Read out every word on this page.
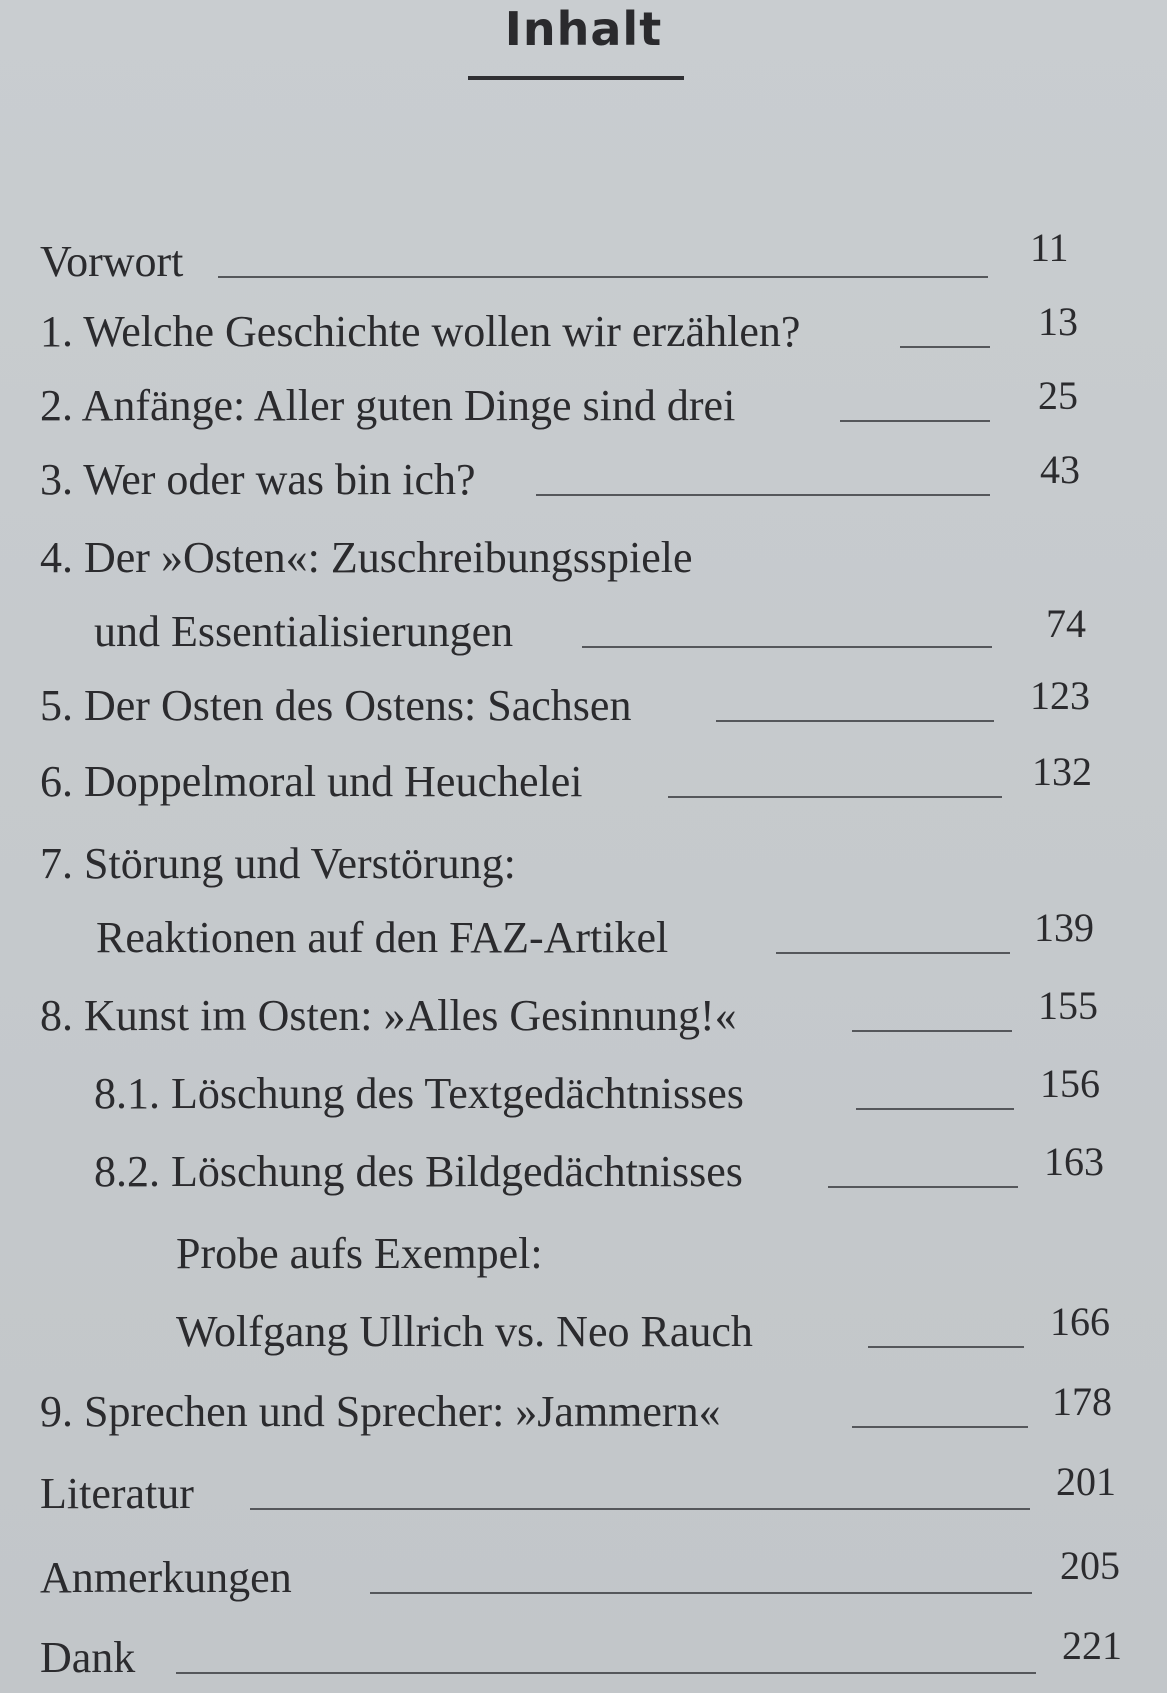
Inhalt
Vorwort	11
1. Welche Geschichte wollen wir erzählen?	13
2. Anfänge: Aller guten Dinge sind drei	25
3. Wer oder was bin ich?	43
4. Der »Osten«: Zuschreibungsspiele
und Essentialisierungen	74
5. Der Osten des Ostens: Sachsen	123
6. Doppelmoral und Heuchelei	132
7. Störung und Verstörung:
Reaktionen auf den FAZ-Artikel	139
8. Kunst im Osten: »Alles Gesinnung!«	155
8.1. Löschung des Textgedächtnisses	156
8.2. Löschung des Bildgedächtnisses	163
Probe aufs Exempel:
Wolfgang Ullrich vs. Neo Rauch	166
9. Sprechen und Sprecher: »Jammern«	178
Literatur	201
Anmerkungen	205
Dank	221
